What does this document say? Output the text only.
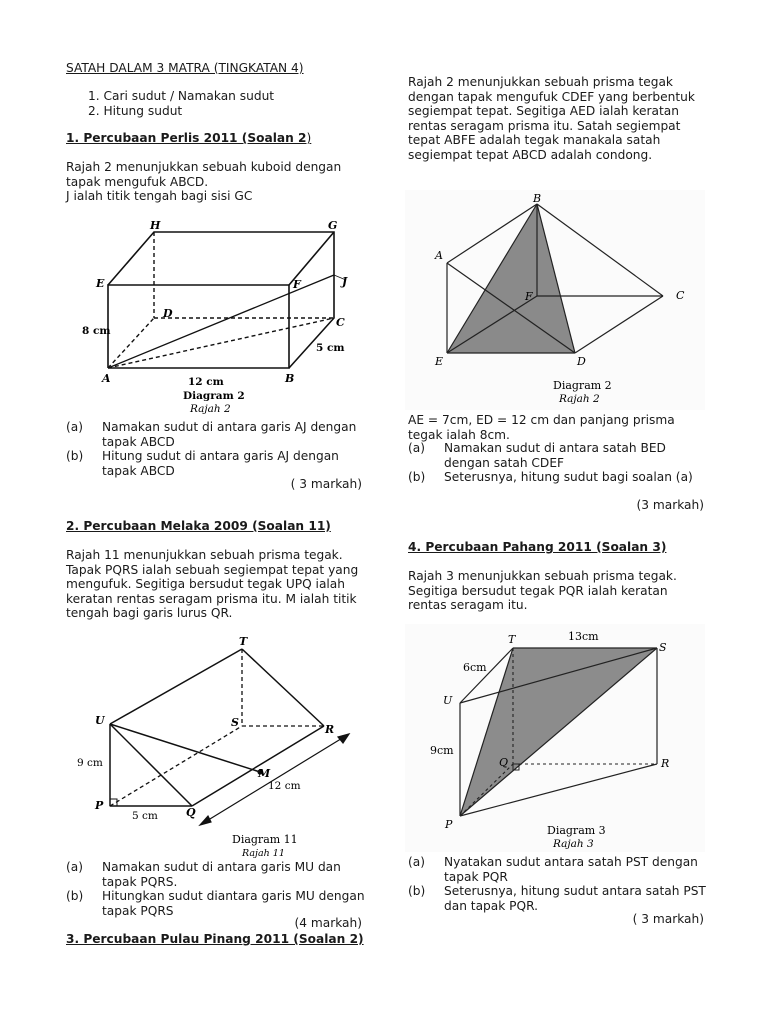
SATAH DALAM 3 MATRA (TINGKATAN 4)
1. Cari sudut / Namakan sudut
2. Hitung sudut
1. Percubaan Perlis 2011 (Soalan 2)

Rajah 2 menunjukkan sebuah kuboid dengan tapak mengufuk ABCD.

J ialah titik tengah bagi sisi GC

H	G
E	F	J
D
C
A	B
8 cm
5 cm
12 cm
Diagram 2
Rajah 2
(a)	Namakan sudut di antara garis AJ dengan tapak ABCD
(b)	Hitung sudut di antara garis AJ dengan tapak ABCD
( 3 markah)
2. Percubaan Melaka 2009 (Soalan 11)
Rajah 11 menunjukkan sebuah prisma tegak. Tapak PQRS ialah sebuah segiempat tepat yang mengufuk. Segitiga bersudut tegak UPQ ialah keratan rentas seragam prisma itu. M ialah titik tengah bagi garis lurus QR.
T
U	S
R
M
P
Q
9 cm
5 cm
12 cm
Diagram 11
Rajah 11
(a)	Namakan sudut di antara garis MU dan tapak PQRS.
(b)	Hitungkan sudut diantara garis MU dengan tapak PQRS
(4 markah)
3. Percubaan Pulau Pinang 2011 (Soalan 2)
Rajah 2 menunjukkan sebuah prisma tegak dengan tapak mengufuk CDEF yang berbentuk segiempat tepat. Segitiga AED ialah keratan rentas seragam prisma itu. Satah segiempat tepat ABFE adalah tegak manakala satah segiempat tepat ABCD adalah condong.
B
A
F	C
E	D
Diagram 2
Rajah 2
AE = 7cm, ED = 12 cm dan panjang prisma tegak ialah 8cm.
(a)	Namakan sudut di antara satah BED dengan satah CDEF
(b)	Seterusnya, hitung sudut bagi soalan (a)
(3 markah)
4. Percubaan Pahang 2011 (Soalan 3)
Rajah 3 menunjukkan sebuah prisma tegak. Segitiga bersudut tegak PQR ialah keratan rentas seragam itu.
T
S
U
Q	R
P
13cm
6cm
9cm
Diagram 3
Rajah 3
(a)	Nyatakan sudut antara satah PST dengan tapak PQR
(b)	Seterusnya, hitung sudut antara satah PST dan tapak PQR.
( 3 markah)
